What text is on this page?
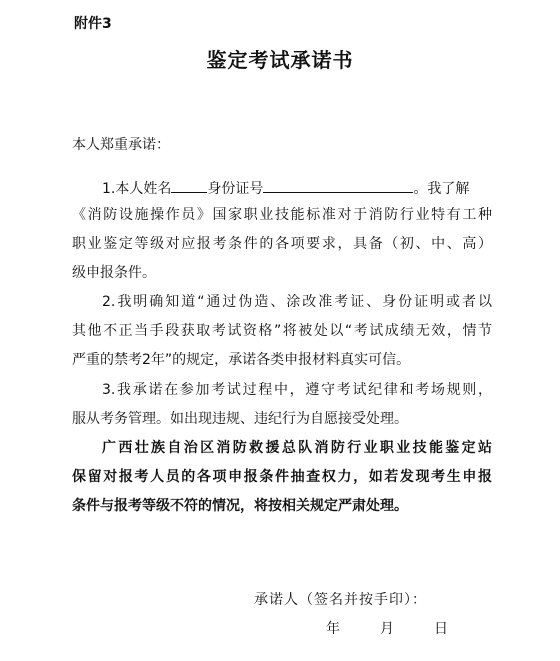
附件3
鉴定考试承诺书
本人郑重承诺：
1.本人姓名	身份证号	。我了解
《消防设施操作员》国家职业技能标准对于消防行业特有工种
职业鉴定等级对应报考条件的各项要求，具备（初、中、高）
级申报条件。
2.我明确知道“通过伪造、涂改准考证、身份证明或者以
其他不正当手段获取考试资格”将被处以“考试成绩无效，情节
严重的禁考2年”的规定，承诺各类申报材料真实可信。
3.我承诺在参加考试过程中，遵守考试纪律和考场规则，
服从考务管理。如出现违规、违纪行为自愿接受处理。
广西壮族自治区消防救援总队消防行业职业技能鉴定站
保留对报考人员的各项申报条件抽查权力，如若发现考生申报
条件与报考等级不符的情况，将按相关规定严肃处理。
承诺人（签名并按手印）：
年	月	日
